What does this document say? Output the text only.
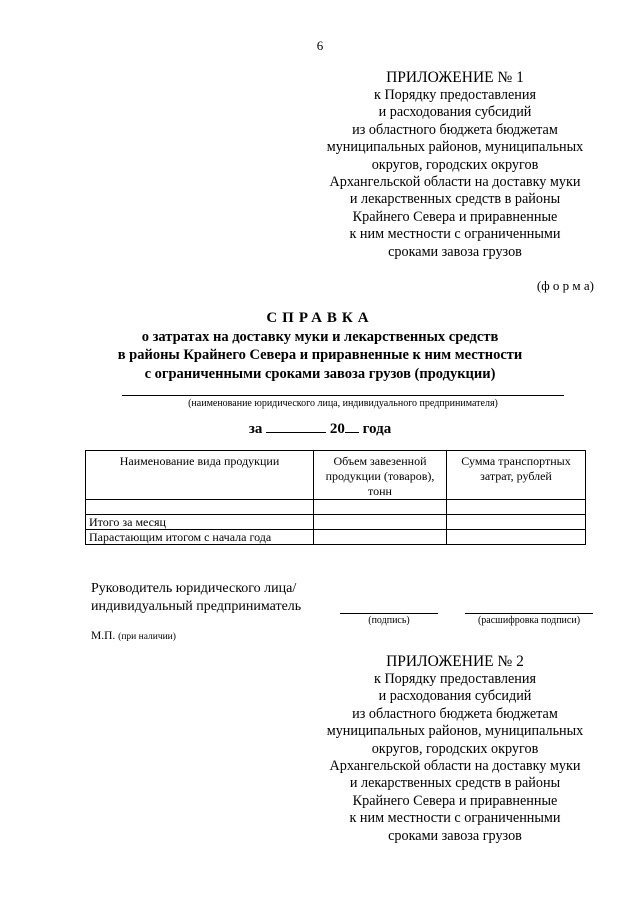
6
ПРИЛОЖЕНИЕ № 1
к Порядку предоставления
и расходования субсидий
из областного бюджета бюджетам
муниципальных районов, муниципальных
округов, городских округов
Архангельской области на доставку муки
и лекарственных средств в районы
Крайнего Севера и приравненные
к ним местности с ограниченными
сроками завоза грузов
(ф о р м а)
СПРАВКА
о затратах на доставку муки и лекарственных средств
в районы Крайнего Севера и приравненные к ним местности
с ограниченными сроками завоза грузов (продукции)
(наименование юридического лица, индивидуального предпринимателя)
за	20 года
Наименование вида продукции	Объем завезенной продукции (товаров), тонн	Сумма транспортных затрат, рублей

Итого за месяц		
Парастающим итогом с начала года		
Руководитель юридического лица/
индивидуальный предприниматель
(подпись)	(расшифровка подписи)
М.П. (при наличии)
ПРИЛОЖЕНИЕ № 2
к Порядку предоставления
и расходования субсидий
из областного бюджета бюджетам
муниципальных районов, муниципальных
округов, городских округов
Архангельской области на доставку муки
и лекарственных средств в районы
Крайнего Севера и приравненные
к ним местности с ограниченными
сроками завоза грузов
